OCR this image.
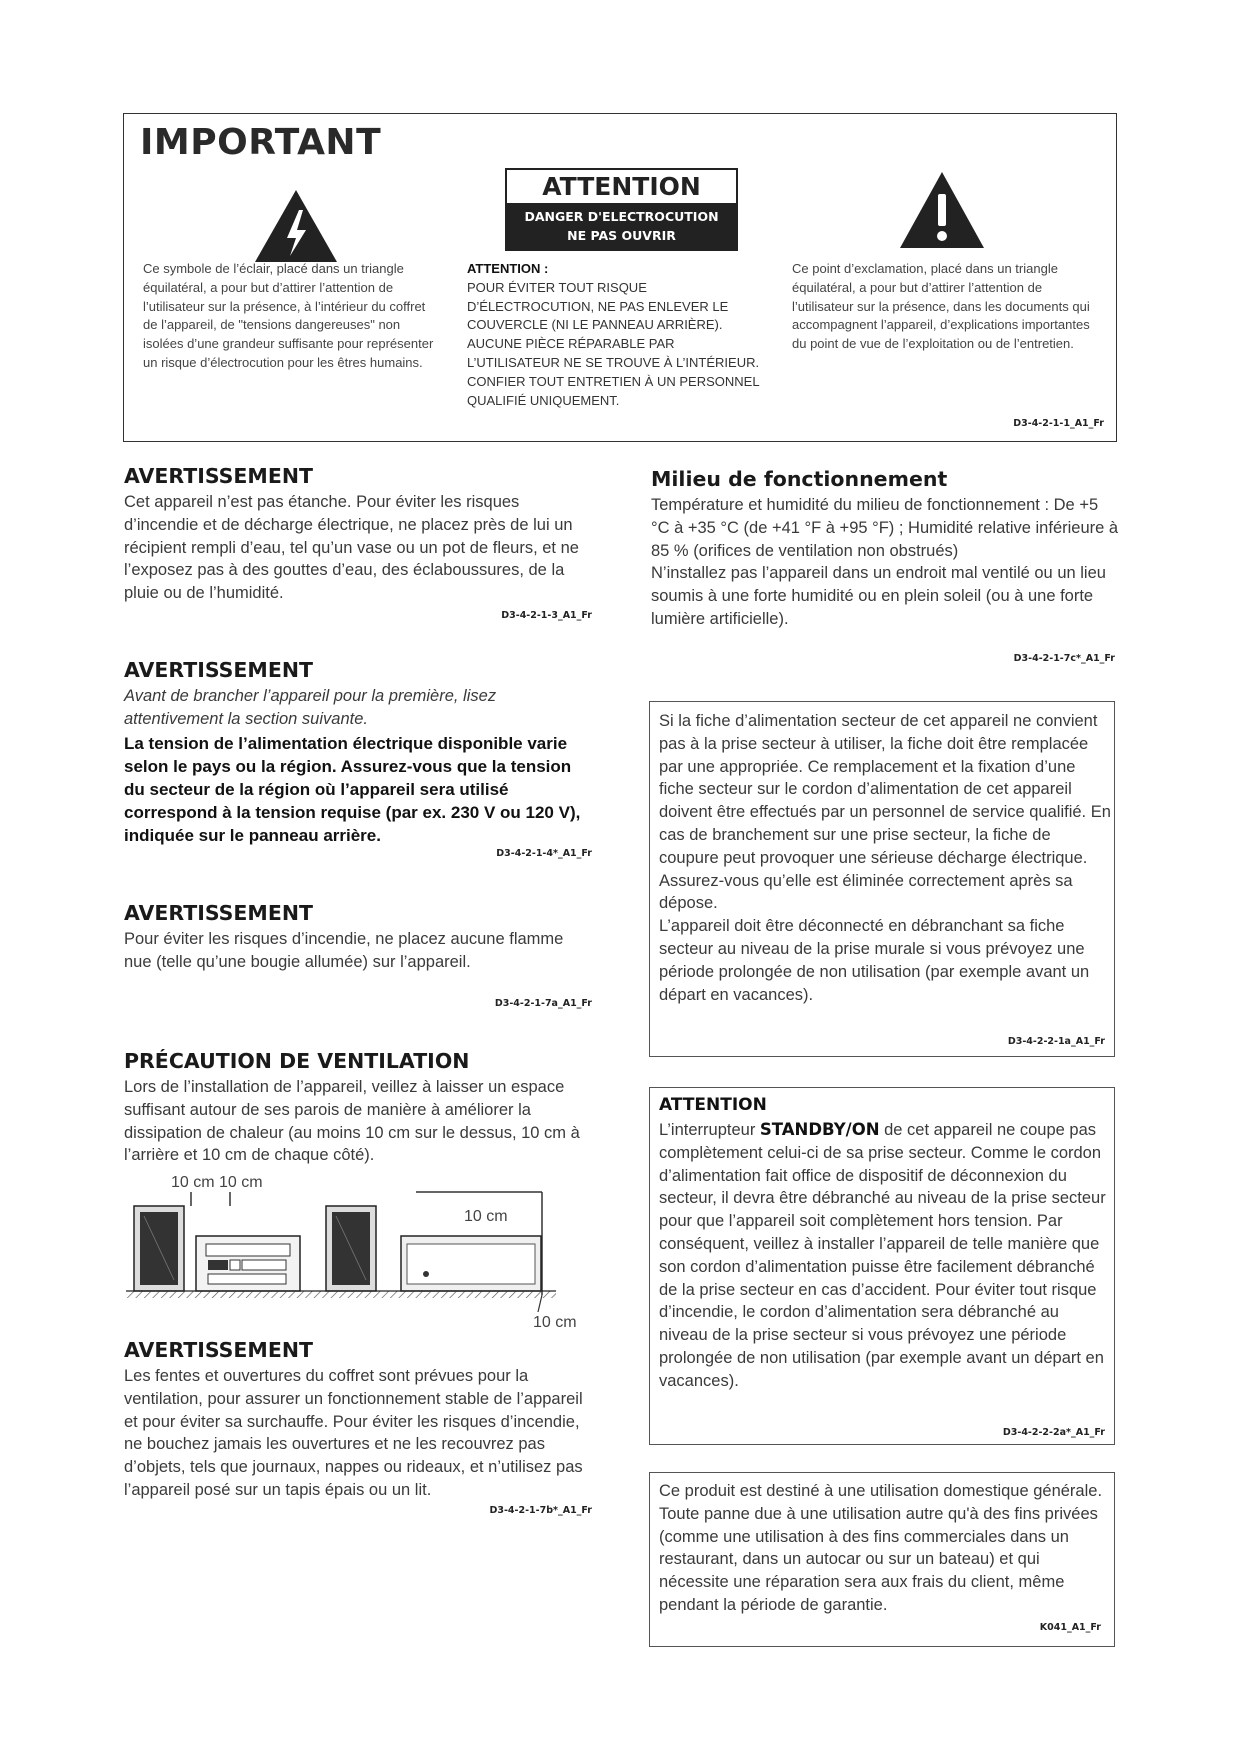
IMPORTANT
ATTENTION
DANGER D'ELECTROCUTION
NE PAS OUVRIR
Ce symbole de l’éclair, placé dans un triangle équilatéral, a pour but d’attirer l’attention de l’utilisateur sur la présence, à l’intérieur du coffret de l’appareil, de "tensions dangereuses" non isolées d’une grandeur suffisante pour représenter un risque d’électrocution pour les êtres humains.
ATTENTION :
POUR ÉVITER TOUT RISQUE D’ÉLECTROCUTION, NE PAS ENLEVER LE COUVERCLE (NI LE PANNEAU ARRIÈRE). AUCUNE PIÈCE RÉPARABLE PAR L’UTILISATEUR NE SE TROUVE À L’INTÉRIEUR. CONFIER TOUT ENTRETIEN À UN PERSONNEL QUALIFIÉ UNIQUEMENT.
Ce point d’exclamation, placé dans un triangle équilatéral, a pour but d’attirer l’attention de l’utilisateur sur la présence, dans les documents qui accompagnent l’appareil, d’explications importantes du point de vue de l’exploitation ou de l’entretien.
D3-4-2-1-1_A1_Fr
AVERTISSEMENT
Cet appareil n’est pas étanche. Pour éviter les risques d’incendie et de décharge électrique, ne placez près de lui un récipient rempli d’eau, tel qu’un vase ou un pot de fleurs, et ne l’exposez pas à des gouttes d’eau, des éclaboussures, de la pluie ou de l’humidité.
D3-4-2-1-3_A1_Fr
AVERTISSEMENT
Avant de brancher l’appareil pour la première, lisez attentivement la section suivante.
La tension de l’alimentation électrique disponible varie selon le pays ou la région. Assurez-vous que la tension du secteur de la région où l’appareil sera utilisé correspond à la tension requise (par ex. 230 V ou 120 V), indiquée sur le panneau arrière.
D3-4-2-1-4*_A1_Fr
AVERTISSEMENT
Pour éviter les risques d’incendie, ne placez aucune flamme nue (telle qu’une bougie allumée) sur l’appareil.
D3-4-2-1-7a_A1_Fr
PRÉCAUTION DE VENTILATION
Lors de l’installation de l’appareil, veillez à laisser un espace suffisant autour de ses parois de manière à améliorer la dissipation de chaleur (au moins 10 cm sur le dessus, 10 cm à l’arrière et 10 cm de chaque côté).
10 cm 10 cm
10 cm
10 cm
AVERTISSEMENT
Les fentes et ouvertures du coffret sont prévues pour la ventilation, pour assurer un fonctionnement stable de l’appareil et pour éviter sa surchauffe. Pour éviter les risques d’incendie, ne bouchez jamais les ouvertures et ne les recouvrez pas d’objets, tels que journaux, nappes ou rideaux, et n’utilisez pas l’appareil posé sur un tapis épais ou un lit.
D3-4-2-1-7b*_A1_Fr
Milieu de fonctionnement

Température et humidité du milieu de fonctionnement : De +5 °C à +35 °C (de +41 °F à +95 °F) ; Humidité relative inférieure à 85 % (orifices de ventilation non obstrués)

N’installez pas l’appareil dans un endroit mal ventilé ou un lieu soumis à une forte humidité ou en plein soleil (ou à une forte lumière artificielle).

D3-4-2-1-7c*_A1_Fr

Si la fiche d’alimentation secteur de cet appareil ne convient pas à la prise secteur à utiliser, la fiche doit être remplacée par une appropriée. Ce remplacement et la fixation d’une fiche secteur sur le cordon d’alimentation de cet appareil doivent être effectués par un personnel de service qualifié. En cas de branchement sur une prise secteur, la fiche de coupure peut provoquer une sérieuse décharge électrique. Assurez-vous qu’elle est éliminée correctement après sa dépose.

L’appareil doit être déconnecté en débranchant sa fiche secteur au niveau de la prise murale si vous prévoyez une période prolongée de non utilisation (par exemple avant un départ en vacances).

D3-4-2-2-1a_A1_Fr
ATTENTION
L’interrupteur STANDBY/ON de cet appareil ne coupe pas complètement celui-ci de sa prise secteur. Comme le cordon d’alimentation fait office de dispositif de déconnexion du secteur, il devra être débranché au niveau de la prise secteur pour que l’appareil soit complètement hors tension. Par conséquent, veillez à installer l’appareil de telle manière que son cordon d’alimentation puisse être facilement débranché de la prise secteur en cas d’accident. Pour éviter tout risque d’incendie, le cordon d’alimentation sera débranché au niveau de la prise secteur si vous prévoyez une période prolongée de non utilisation (par exemple avant un départ en vacances).
D3-4-2-2-2a*_A1_Fr
Ce produit est destiné à une utilisation domestique générale. Toute panne due à une utilisation autre qu'à des fins privées (comme une utilisation à des fins commerciales dans un restaurant, dans un autocar ou sur un bateau) et qui nécessite une réparation sera aux frais du client, même pendant la période de garantie.
K041_A1_Fr
